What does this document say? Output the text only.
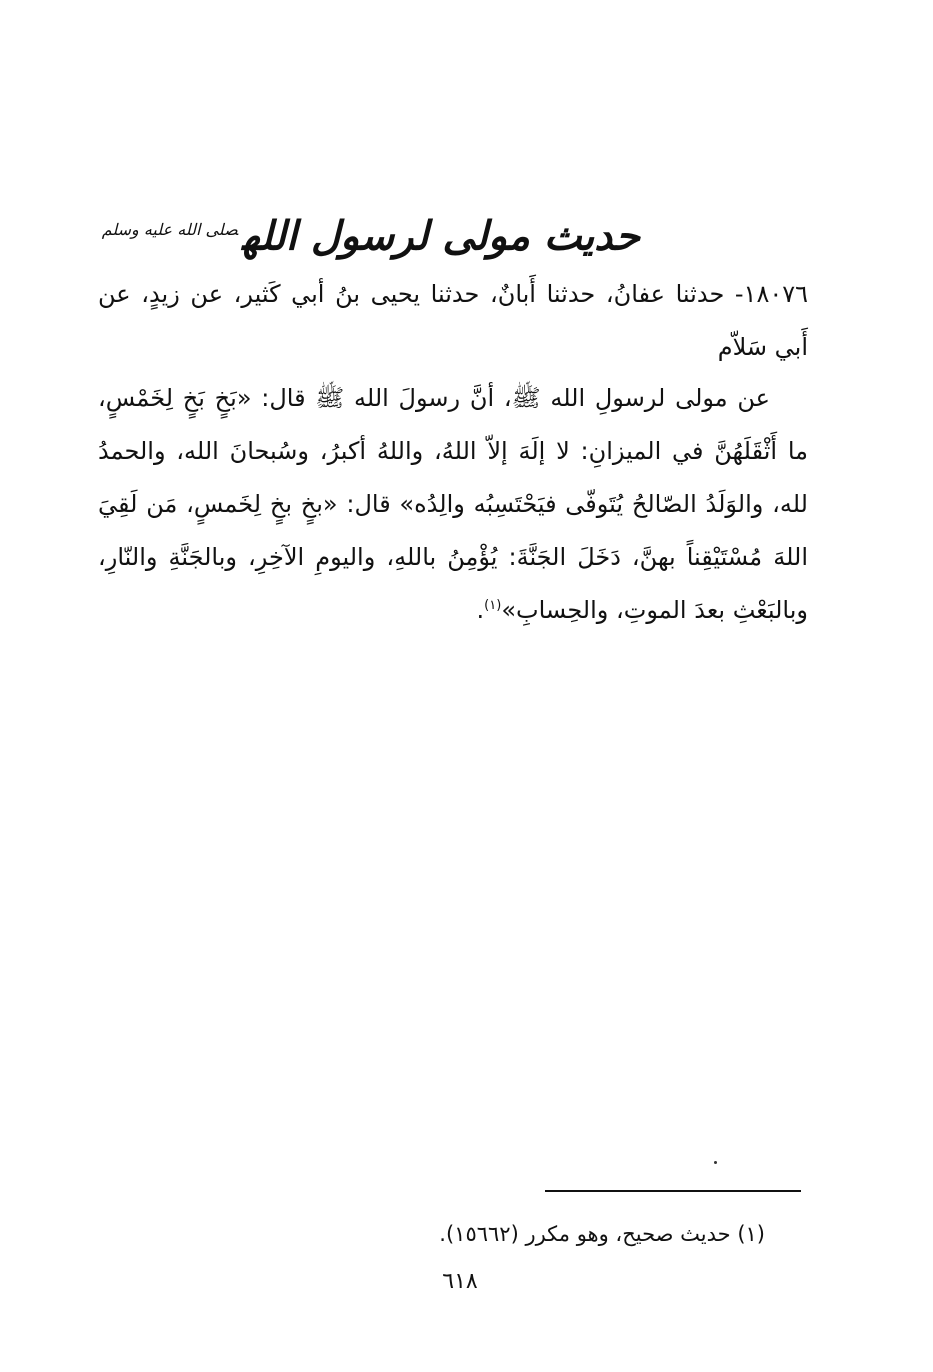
حديث مولى لرسول الله$^{صلى الله عليه وسلم}$
١٨٠٧٦- حدثنا عفانُ، حدثنا أَبانٌ، حدثنا يحيى بنُ أبي كَثير، عن زيدٍ، عن أَبي سَلاّم
عن مولى لرسولِ الله ﷺ، أنَّ رسولَ الله ﷺ قال: «بَخٍ بَخٍ لِخَمْسٍ، ما أَثْقَلَهُنَّ في الميزانِ: لا إلَهَ إلاّ اللهُ، واللهُ أكبرُ، وسُبحانَ الله، والحمدُ لله، والوَلَدُ الصّالحُ يُتَوفّى فيَحْتَسِبُه والِدُه» قال: «بخٍ بخٍ لِخَمسٍ، مَن لَقِيَ اللهَ مُسْتَيْقِناً بهنَّ، دَخَلَ الجَنَّةَ: يُؤْمِنُ باللهِ، واليومِ الآخِرِ، وبالجَنَّةِ والنّارِ، وبالبَعْثِ بعدَ الموتِ، والحِسابِ»$^{(١)}$.
(١) حديث صحيح، وهو مكرر (١٥٦٦٢).
٦١٨
